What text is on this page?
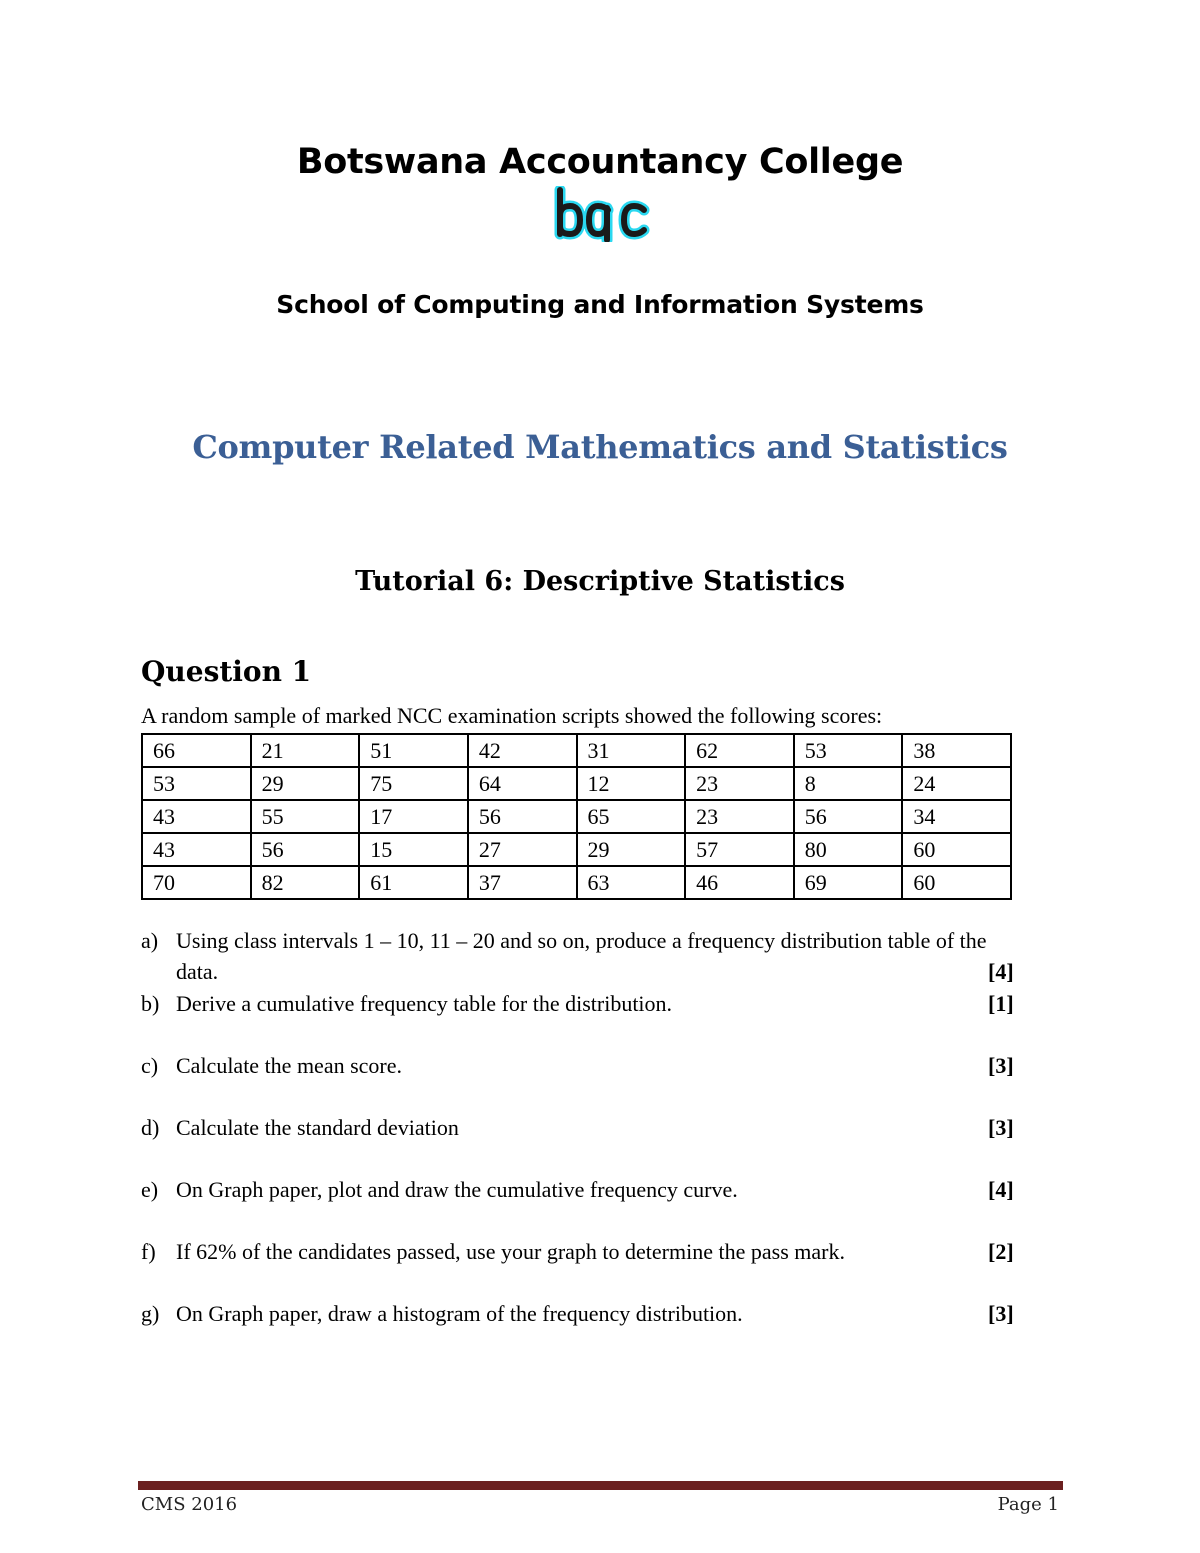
Botswana Accountancy College
School of Computing and Information Systems
Computer Related Mathematics and Statistics
Tutorial 6: Descriptive Statistics
Question 1
A random sample of marked NCC examination scripts showed the following scores:
66	21	51	42	31	62	53	38
53	29	75	64	12	23	8	24
43	55	17	56	65	23	56	34
43	56	15	27	29	57	80	60
70	82	61	37	63	46	69	60
a) Using class intervals 1 – 10, 11 – 20 and so on, produce a frequency distribution table of the data.	[4]
b) Derive a cumulative frequency table for the distribution.	[1]
c) Calculate the mean score.	[3]
d) Calculate the standard deviation	[3]
e) On Graph paper, plot and draw the cumulative frequency curve.	[4]
f) If 62% of the candidates passed, use your graph to determine the pass mark.	[2]
g) On Graph paper, draw a histogram of the frequency distribution.	[3]
CMS 2016	Page 1
